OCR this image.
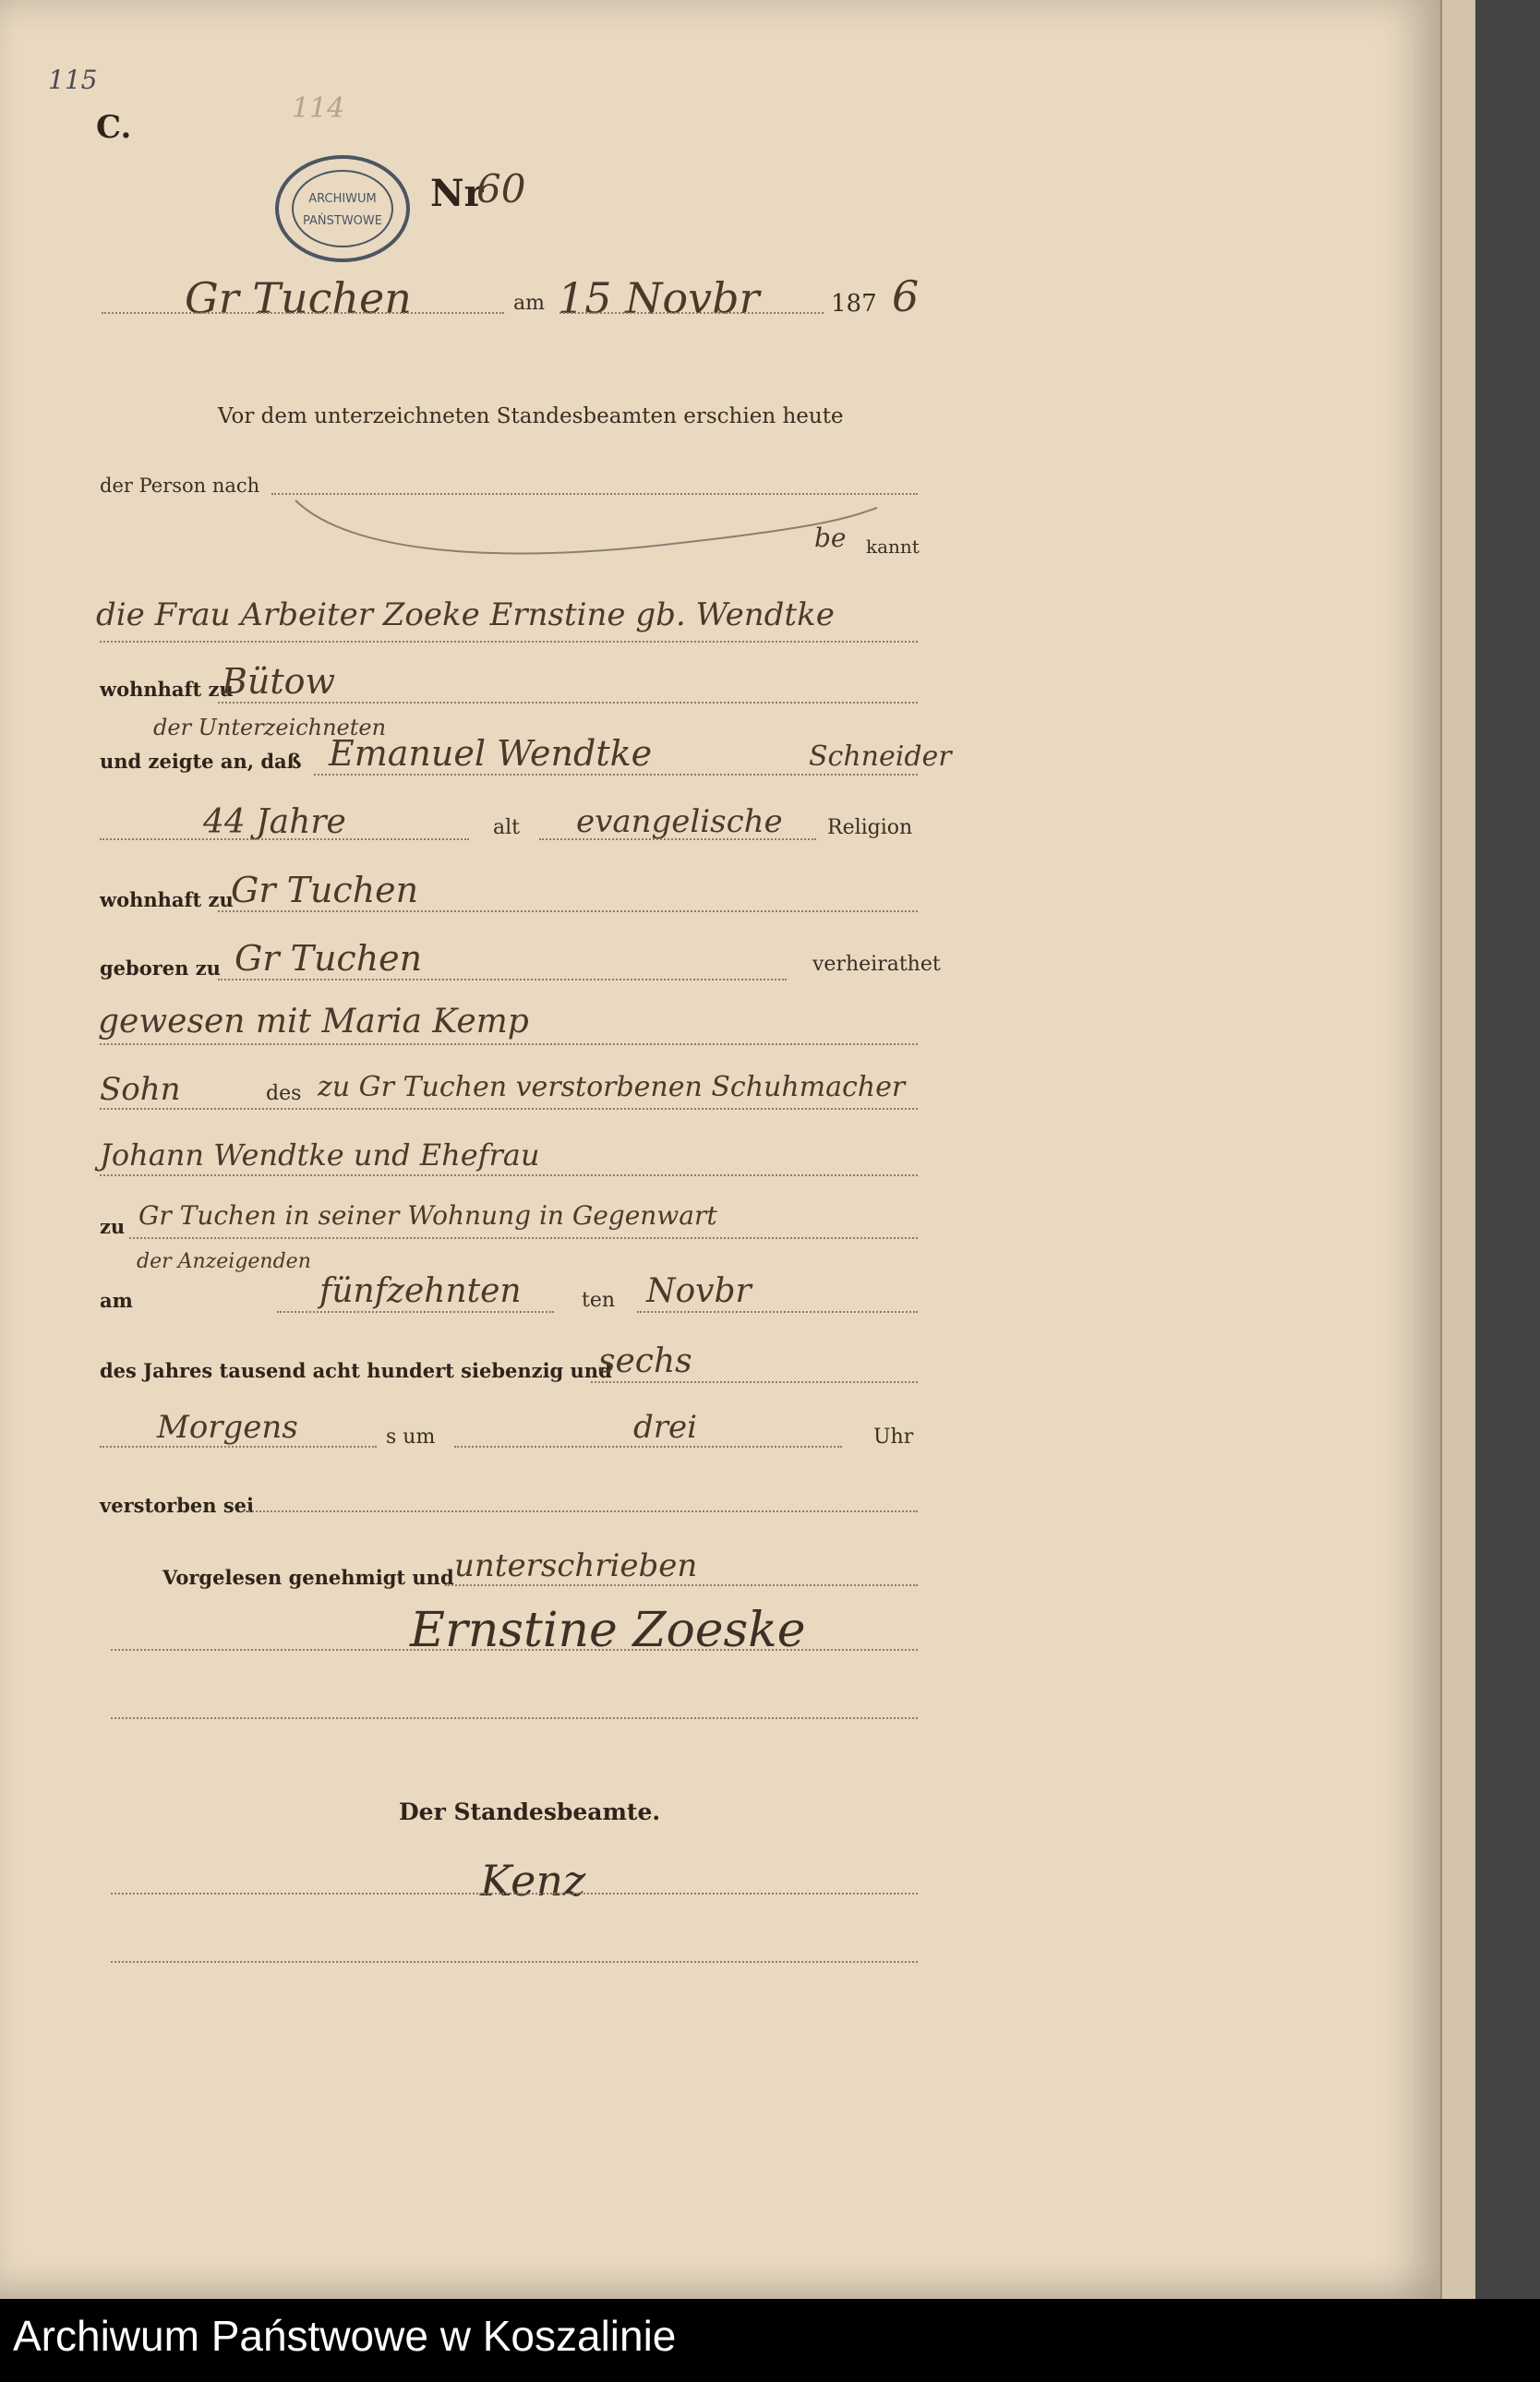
115
C.
114
ARCHIWUM
PAŃSTWOWE
Nr
60
Gr Tuchen	am 15 Novbr	187 6
Vor dem unterzeichneten Standesbeamten erschien heute
der Person nach
be kannt
die Frau Arbeiter Zoeke Ernstine gb. Wendtke
wohnhaft zu
Bütow
der Unterzeichneten
und zeigte an, daß Emanuel Wendtke	Schneider
44 Jahre	alt evangelische Religion
wohnhaft zu
Gr Tuchen
geboren zu Gr Tuchen	verheirathet
gewesen mit Maria Kemp
Sohn	des zu Gr Tuchen verstorbenen Schuhmacher
Johann Wendtke und Ehefrau
zu Gr Tuchen in seiner Wohnung in Gegenwart
der Anzeigenden
am	fünfzehnten	ten Novbr
des Jahres tausend acht hundert siebenzig und
sechs
Morgens	s um	drei	Uhr
verstorben sei
Vorgelesen genehmigt und unterschrieben
Ernstine Zoeske
Der Standesbeamte.
Kenz
Archiwum Państwowe w Koszalinie
